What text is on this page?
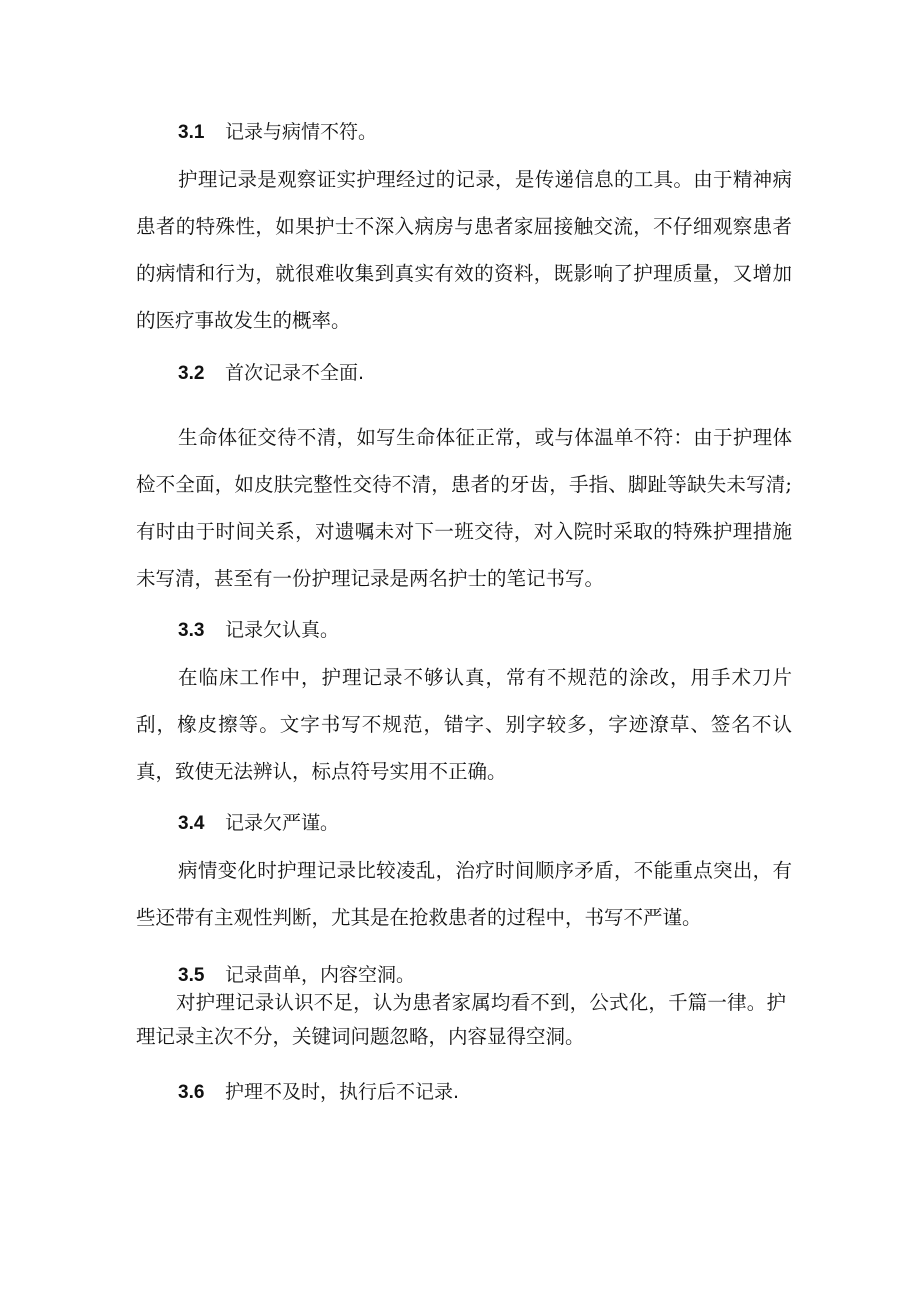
3.1 记录与病情不符。

护理记录是观察证实护理经过的记录，是传递信息的工具。由于精神病患者的特殊性，如果护士不深入病房与患者家屈接触交流，不仔细观察患者的病情和行为，就很难收集到真实有效的资料，既影响了护理质量，又增加的医疗事故发生的概率。

3.2 首次记录不全面.

生命体征交待不清，如写生命体征正常，或与体温单不符：由于护理体检不全面，如皮肤完整性交待不清，患者的牙齿，手指、脚趾等缺失未写清;有时由于时间关系，对遗嘱未对下一班交待，对入院时采取的特殊护理措施未写清，甚至有一份护理记录是两名护士的笔记书写。

3.3 记录欠认真。

在临床工作中，护理记录不够认真，常有不规范的涂改，用手术刀片刮，橡皮擦等。文字书写不规范，错字、别字较多，字迹潦草、签名不认真，致使无法辨认，标点符号实用不正确。

3.4 记录欠严谨。

病情变化时护理记录比较凌乱，治疗时间顺序矛盾，不能重点突出，有些还带有主观性判断，尤其是在抢救患者的过程中，书写不严谨。

3.5 记录茴单，内容空洞。

对护理记录认识不足，认为患者家属均看不到，公式化，千篇一律。护理记录主次不分，关键词问题忽略，内容显得空洞。

3.6 护理不及时，执行后不记录.
